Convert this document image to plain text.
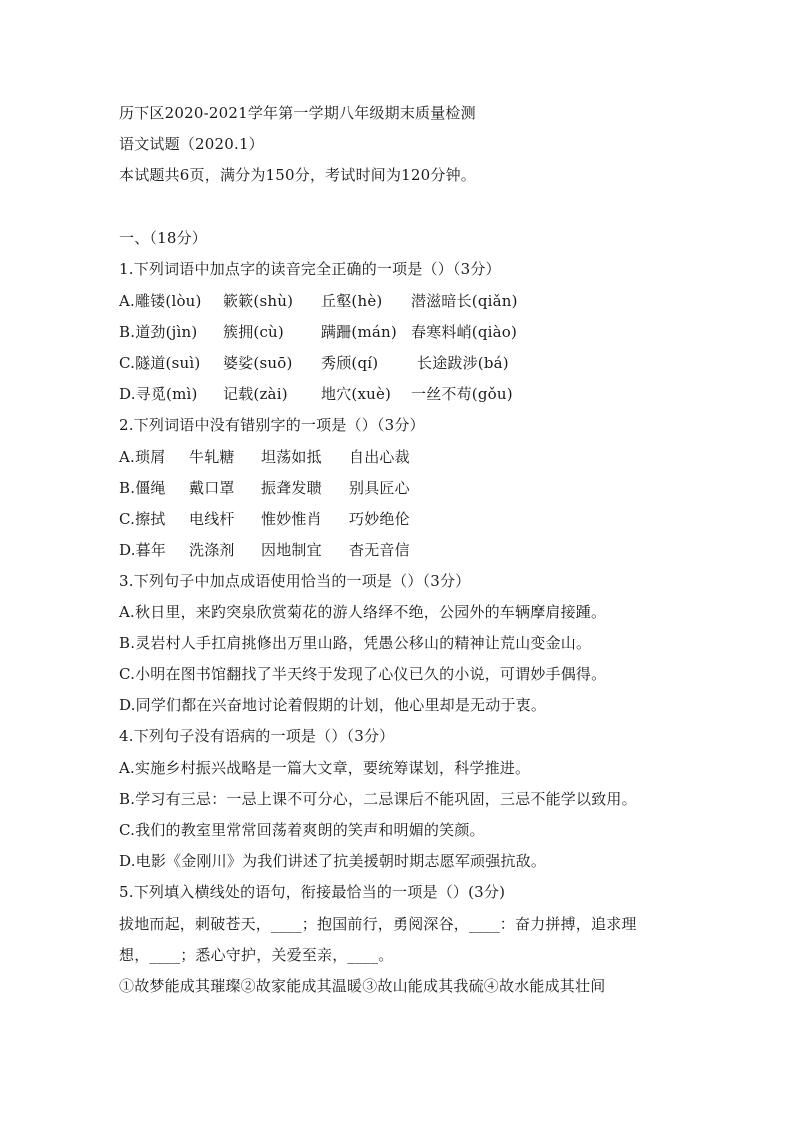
历下区2020-2021学年第一学期八年级期末质量检测
语文试题（2020.1）
本试题共6页，满分为150分，考试时间为120分钟。
一、（18分）
1.下列词语中加点字的读音完全正确的一项是（）（3分）
A.雕镂(lòu) 簌簌(shù) 丘壑(hè) 潜滋暗长(qiǎn)
B.道劲(jìn) 簇拥(cù) 蹒跚(mán) 春寒料峭(qiào)
C.隧道(suì) 婆娑(suō) 秀颀(qí)	长途跋涉(bá)
D.寻觅(mì) 记载(zài) 地穴(xuè) 一丝不苟(gǒu)
2.下列词语中没有错别字的一项是（）（3分）
A.琐屑 牛轧糖 坦荡如抵 自出心裁
B.僵绳 戴口罩 振聋发聩 别具匠心
C.擦拭 电线杆 惟妙惟肖 巧妙绝伦
D.暮年 洗涤剂 因地制宜 杳无音信
3.下列句子中加点成语使用恰当的一项是（）（3分）
A.秋日里，来趵突泉欣赏菊花的游人络绎不绝，公园外的车辆摩肩接踵。
B.灵岩村人手扛肩挑修出万里山路，凭愚公移山的精神让荒山变金山。
C.小明在图书馆翻找了半天终于发现了心仪已久的小说，可谓妙手偶得。
D.同学们都在兴奋地讨论着假期的计划，他心里却是无动于衷。
4.下列句子没有语病的一项是（）（3分）
A.实施乡村振兴战略是一篇大文章，要统筹谋划，科学推进。
B.学习有三忌：一忌上课不可分心，二忌课后不能巩固，三忌不能学以致用。
C.我们的教室里常常回荡着爽朗的笑声和明媚的笑颜。
D.电影《金刚川》为我们讲述了抗美援朝时期志愿军顽强抗敌。
5.下列填入横线处的语句，衔接最恰当的一项是（）(3分)
拔地而起，刺破苍天，____；抱国前行，勇阅深谷，____：奋力拼搏，追求理
想，____；悉心守护，关爱至亲，____。
①故梦能成其璀璨②故家能成其温暖③故山能成其我硫④故水能成其壮间
